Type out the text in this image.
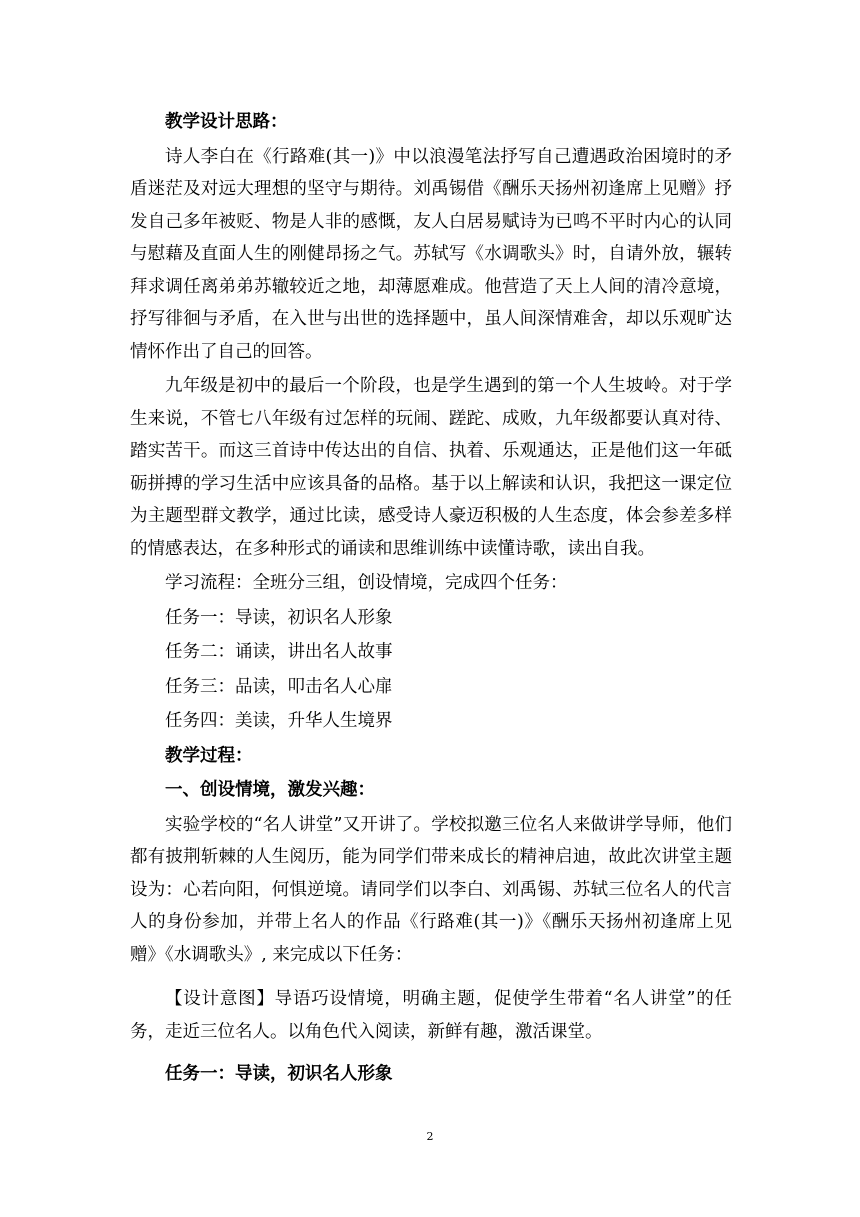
教学设计思路：

诗人李白在《行路难(其一)》中以浪漫笔法抒写自己遭遇政治困境时的矛盾迷茫及对远大理想的坚守与期待。刘禹锡借《酬乐天扬州初逢席上见赠》抒发自己多年被贬、物是人非的感慨，友人白居易赋诗为已鸣不平时内心的认同与慰藉及直面人生的刚健昂扬之气。苏轼写《水调歌头》时，自请外放，辗转拜求调任离弟弟苏辙较近之地，却薄愿难成。他营造了天上人间的清冷意境，抒写徘徊与矛盾，在入世与出世的选择题中，虽人间深情难舍，却以乐观旷达情怀作出了自己的回答。

九年级是初中的最后一个阶段，也是学生遇到的第一个人生坡岭。对于学生来说，不管七八年级有过怎样的玩闹、蹉跎、成败，九年级都要认真对待、踏实苦干。而这三首诗中传达出的自信、执着、乐观通达，正是他们这一年砥砺拼搏的学习生活中应该具备的品格。基于以上解读和认识，我把这一课定位为主题型群文教学，通过比读，感受诗人豪迈积极的人生态度，体会参差多样的情感表达，在多种形式的诵读和思维训练中读懂诗歌，读出自我。

学习流程：全班分三组，创设情境，完成四个任务：

任务一：导读，初识名人形象

任务二：诵读，讲出名人故事

任务三：品读，叩击名人心扉

任务四：美读，升华人生境界

教学过程：

一、创设情境，激发兴趣：

实验学校的“名人讲堂”又开讲了。学校拟邀三位名人来做讲学导师，他们都有披荆斩棘的人生阅历，能为同学们带来成长的精神启迪，故此次讲堂主题设为：心若向阳，何惧逆境。请同学们以李白、刘禹锡、苏轼三位名人的代言人的身份参加，并带上名人的作品《行路难(其一)》《酬乐天扬州初逢席上见赠》《水调歌头》, 来完成以下任务：

【设计意图】导语巧设情境，明确主题，促使学生带着“名人讲堂”的任务，走近三位名人。以角色代入阅读，新鲜有趣，激活课堂。

任务一：导读，初识名人形象

2
